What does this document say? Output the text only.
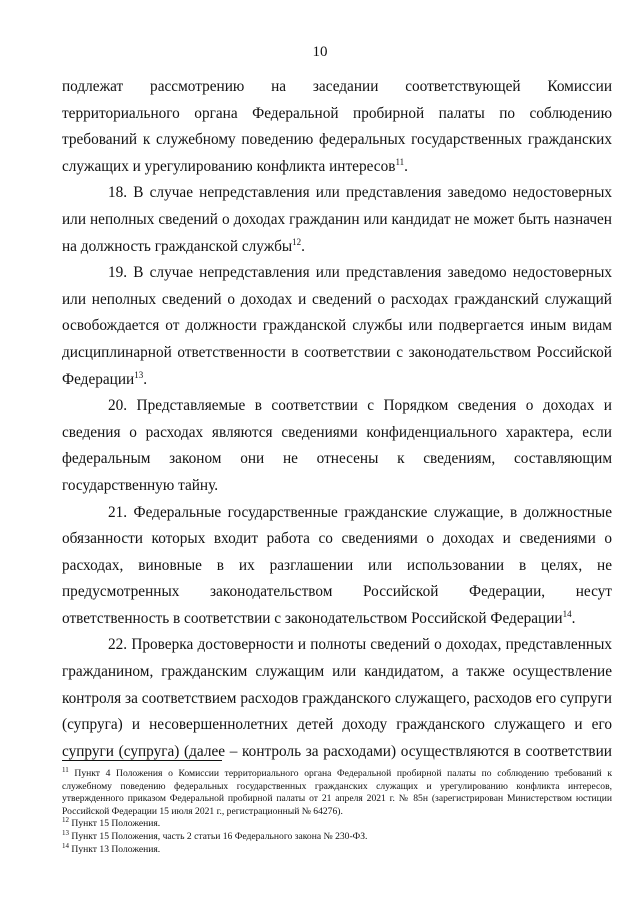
10

подлежат рассмотрению на заседании соответствующей Комиссии территориального органа Федеральной пробирной палаты по соблюдению требований к служебному поведению федеральных государственных гражданских служащих и урегулированию конфликта интересов$^{11}$.

18. В случае непредставления или представления заведомо недостоверных или неполных сведений о доходах гражданин или кандидат не может быть назначен на должность гражданской службы$^{12}$.

19. В случае непредставления или представления заведомо недостоверных или неполных сведений о доходах и сведений о расходах гражданский служащий освобождается от должности гражданской службы или подвергается иным видам дисциплинарной ответственности в соответствии с законодательством Российской Федерации$^{13}$.

20. Представляемые в соответствии с Порядком сведения о доходах и сведения о расходах являются сведениями конфиденциального характера, если федеральным законом они не отнесены к сведениям, составляющим государственную тайну.

21. Федеральные государственные гражданские служащие, в должностные обязанности которых входит работа со сведениями о доходах и сведениями о расходах, виновные в их разглашении или использовании в целях, не предусмотренных законодательством Российской Федерации, несут

ответственность в соответствии с законодательством Российской Федерации$^{14}$.

22. Проверка достоверности и полноты сведений о доходах, представленных гражданином, гражданским служащим или кандидатом, а также осуществление контроля за соответствием расходов гражданского служащего, расходов его супруги (супруга) и несовершеннолетних детей доходу гражданского служащего и его супруги (супруга) (далее – контроль за расходами) осуществляются в соответствии

$^{11}$ Пункт 4 Положения о Комиссии территориального органа Федеральной пробирной палаты по соблюдению требований к служебному поведению федеральных государственных гражданских служащих и урегулированию конфликта интересов, утвержденного приказом Федеральной пробирной палаты от 21 апреля 2021 г. № 85н (зарегистрирован Министерством юстиции Российской Федерации 15 июля 2021 г., регистрационный № 64276).

$^{12}$ Пункт 15 Положения.

$^{13}$ Пункт 15 Положения, часть 2 статьи 16 Федерального закона № 230-ФЗ.

$^{14}$ Пункт 13 Положения.
